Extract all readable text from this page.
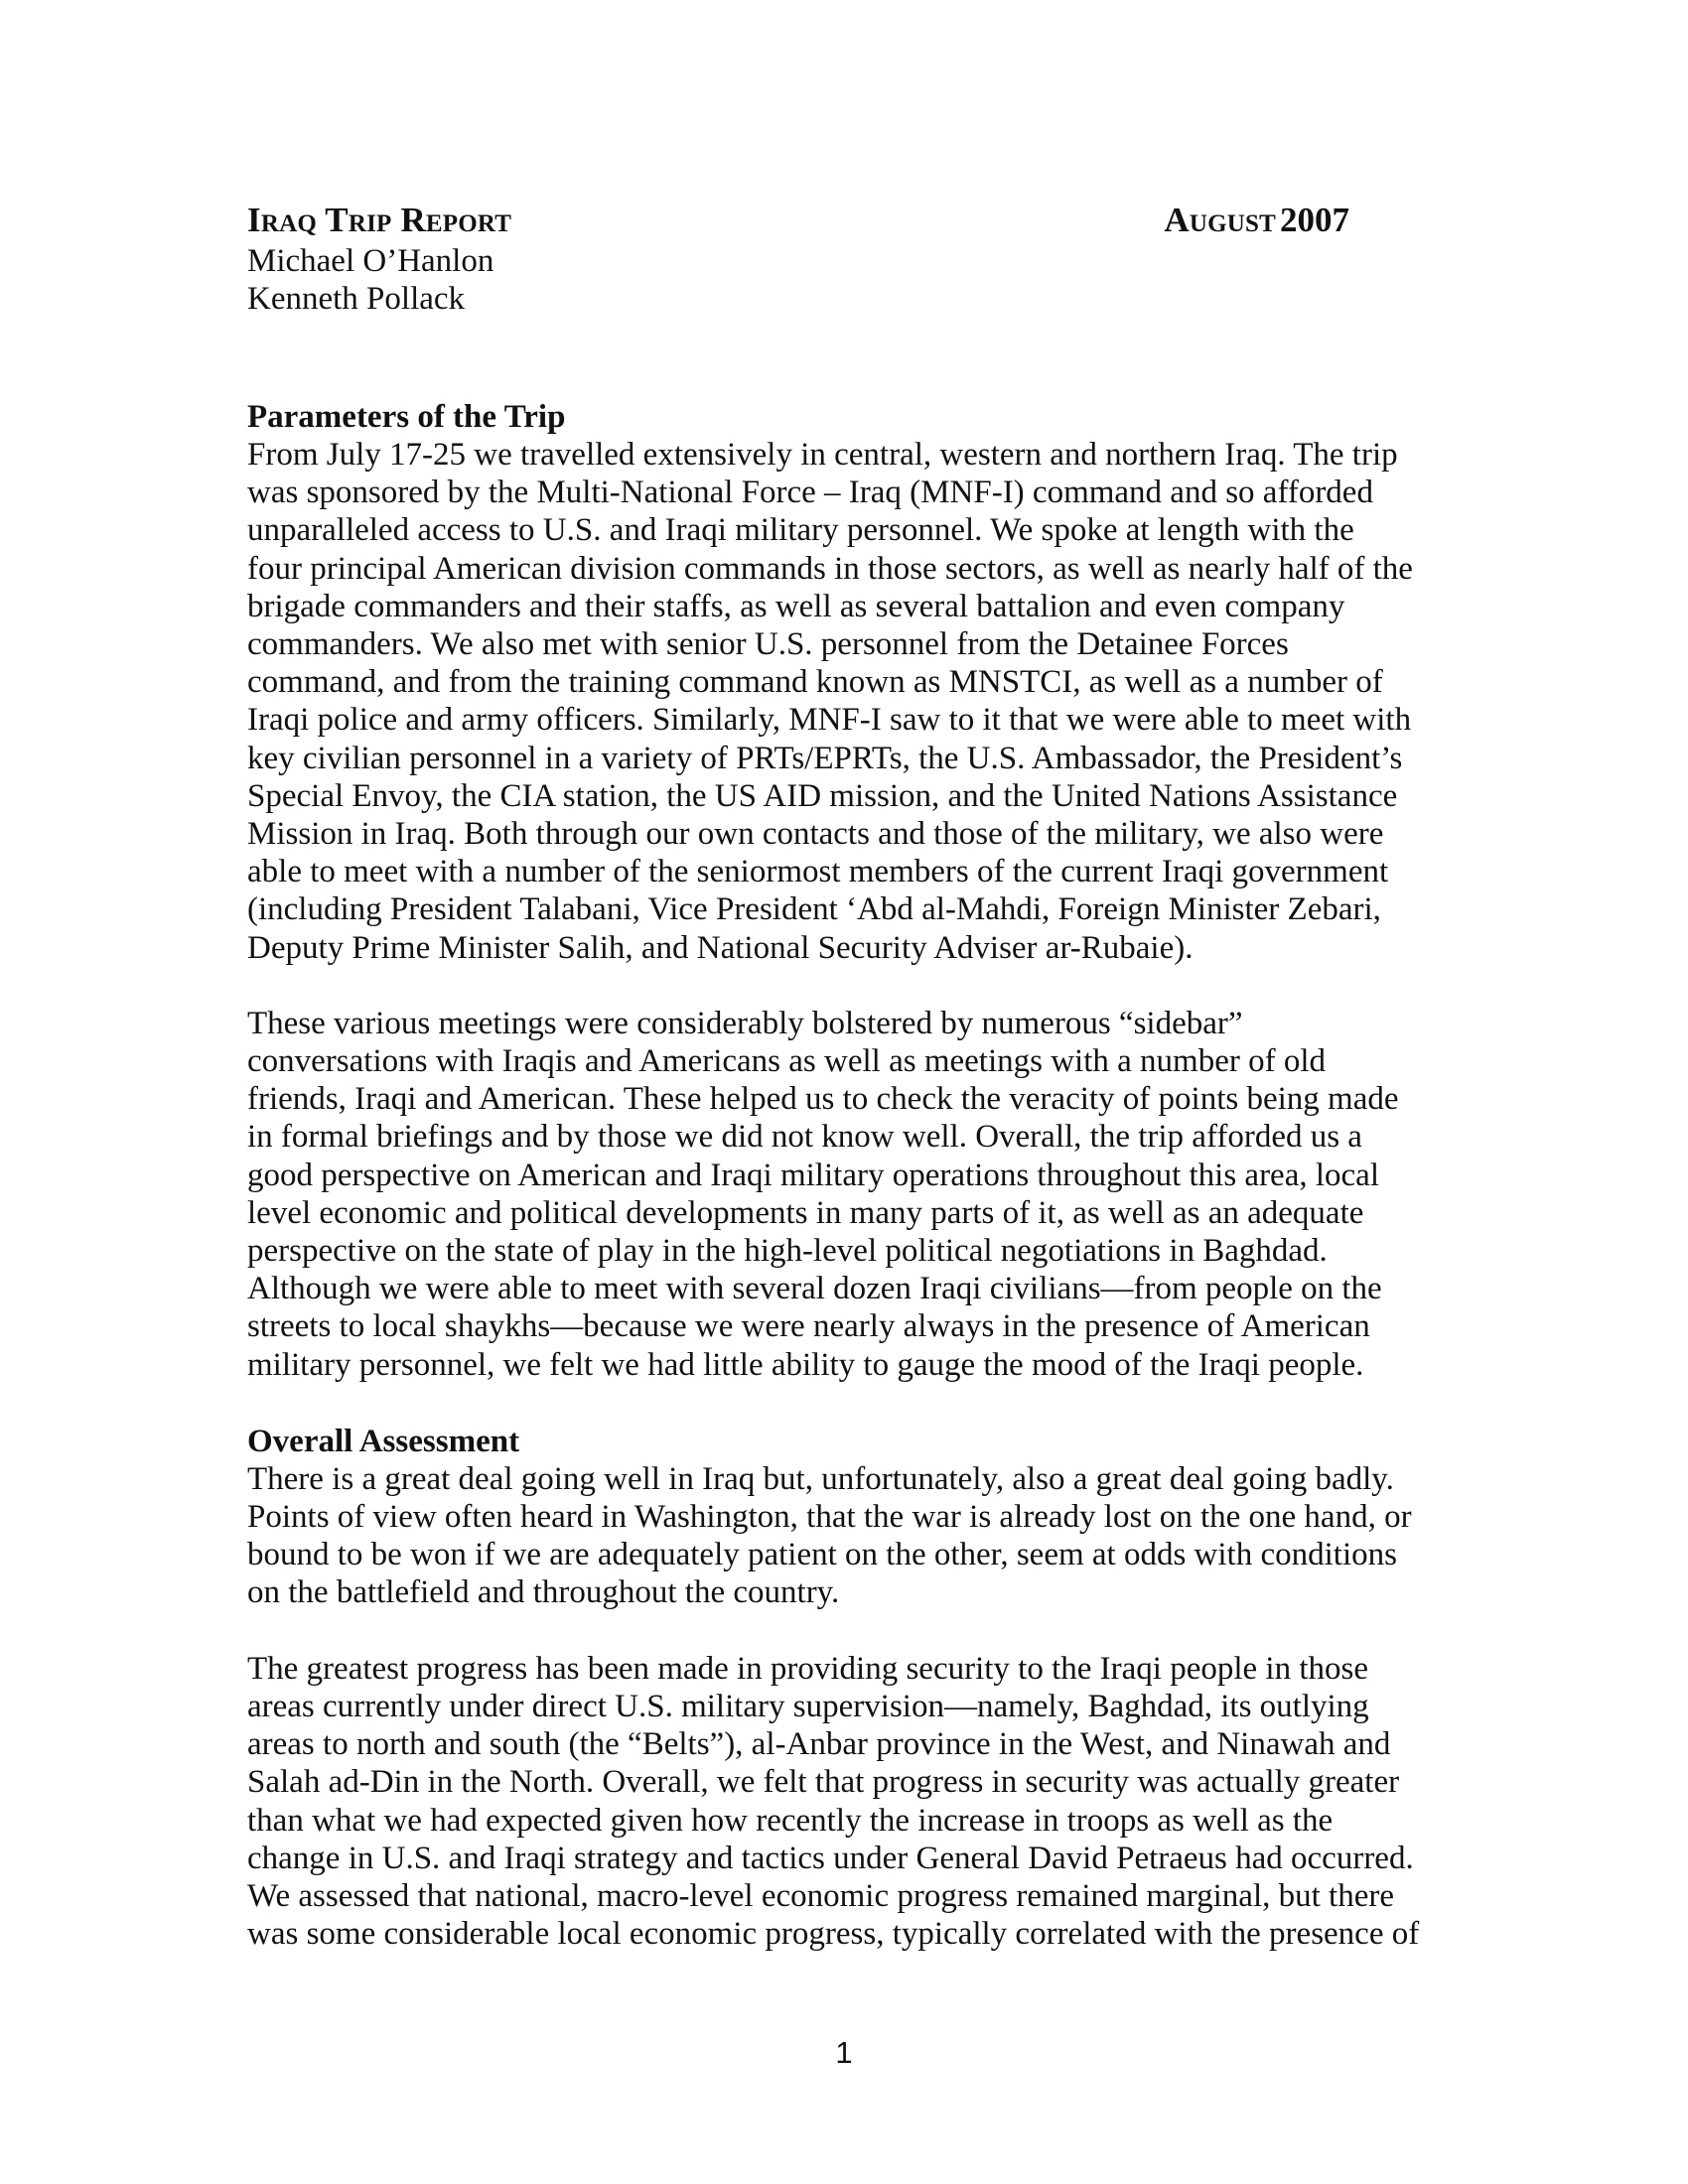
Iraq Trip Report	August 2007

Michael O’Hanlon

Kenneth Pollack

Parameters of the Trip

From July 17-25 we travelled extensively in central, western and northern Iraq. The trip
was sponsored by the Multi-National Force – Iraq (MNF-I) command and so afforded
unparalleled access to U.S. and Iraqi military personnel. We spoke at length with the
four principal American division commands in those sectors, as well as nearly half of the
brigade commanders and their staffs, as well as several battalion and even company
commanders. We also met with senior U.S. personnel from the Detainee Forces
command, and from the training command known as MNSTCI, as well as a number of
Iraqi police and army officers. Similarly, MNF-I saw to it that we were able to meet with
key civilian personnel in a variety of PRTs/EPRTs, the U.S. Ambassador, the President’s
Special Envoy, the CIA station, the US AID mission, and the United Nations Assistance
Mission in Iraq. Both through our own contacts and those of the military, we also were
able to meet with a number of the seniormost members of the current Iraqi government
(including President Talabani, Vice President ‘Abd al-Mahdi, Foreign Minister Zebari,
Deputy Prime Minister Salih, and National Security Adviser ar-Rubaie).

These various meetings were considerably bolstered by numerous “sidebar”
conversations with Iraqis and Americans as well as meetings with a number of old
friends, Iraqi and American. These helped us to check the veracity of points being made
in formal briefings and by those we did not know well. Overall, the trip afforded us a
good perspective on American and Iraqi military operations throughout this area, local
level economic and political developments in many parts of it, as well as an adequate
perspective on the state of play in the high-level political negotiations in Baghdad.
Although we were able to meet with several dozen Iraqi civilians—from people on the
streets to local shaykhs—because we were nearly always in the presence of American
military personnel, we felt we had little ability to gauge the mood of the Iraqi people.

Overall Assessment

There is a great deal going well in Iraq but, unfortunately, also a great deal going badly.
Points of view often heard in Washington, that the war is already lost on the one hand, or
bound to be won if we are adequately patient on the other, seem at odds with conditions
on the battlefield and throughout the country.

The greatest progress has been made in providing security to the Iraqi people in those
areas currently under direct U.S. military supervision—namely, Baghdad, its outlying
areas to north and south (the “Belts”), al-Anbar province in the West, and Ninawah and
Salah ad-Din in the North. Overall, we felt that progress in security was actually greater
than what we had expected given how recently the increase in troops as well as the
change in U.S. and Iraqi strategy and tactics under General David Petraeus had occurred.
We assessed that national, macro-level economic progress remained marginal, but there
was some considerable local economic progress, typically correlated with the presence of

1
